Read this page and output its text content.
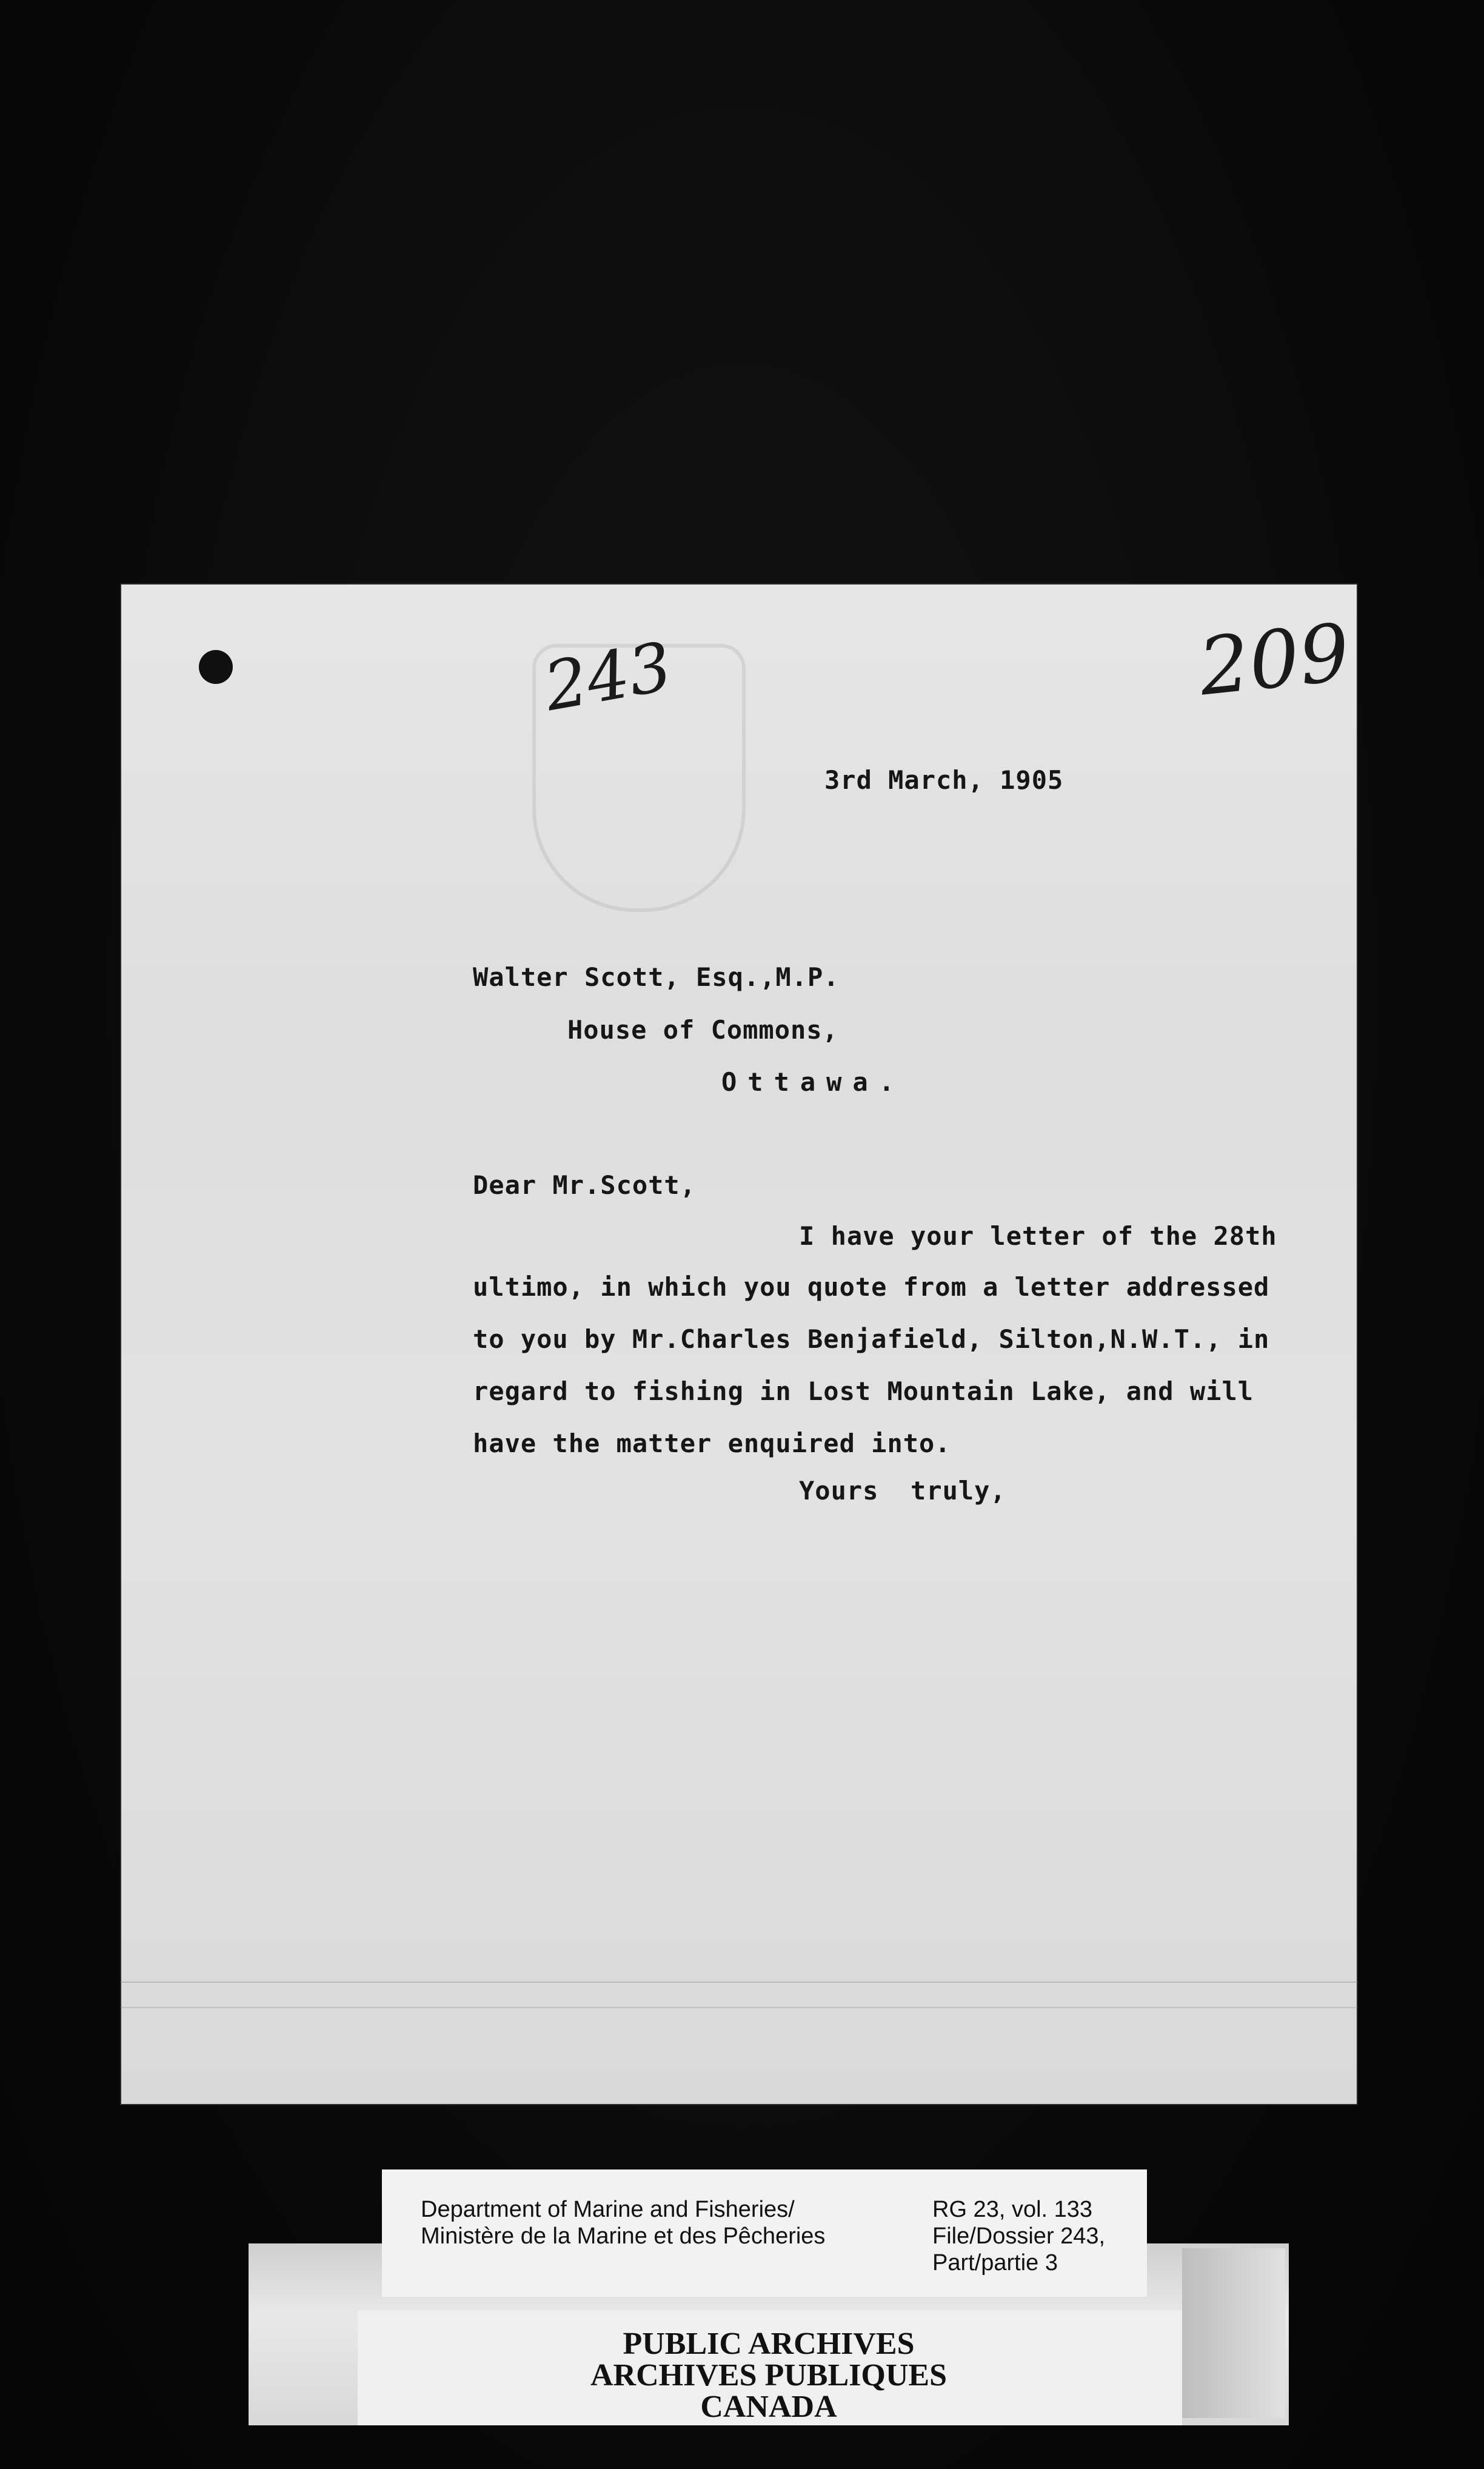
243	209
3rd March, 1905
Walter Scott, Esq.,M.P.
House of Commons,
Ottawa.
Dear Mr.Scott,
I have your letter of the 28th
ultimo, in which you quote from a letter addressed
to you by Mr.Charles Benjafield, Silton,N.W.T., in
regard to fishing in Lost Mountain Lake, and will
have the matter enquired into.
Yours  truly,
PUBLIC ARCHIVES
ARCHIVES PUBLIQUES
CANADA
Department of Marine and Fisheries/
Ministère de la Marine et des Pêcheries
RG 23, vol. 133
File/Dossier 243,
Part/partie 3
